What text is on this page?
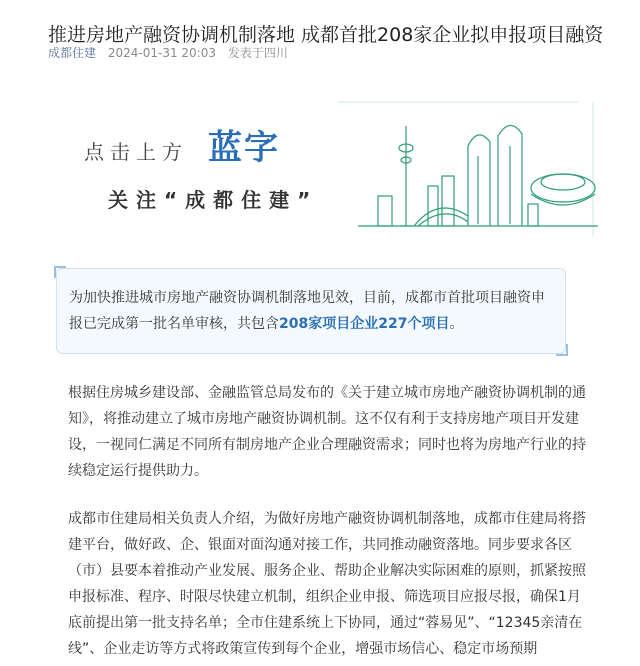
推进房地产融资协调机制落地 成都首批208家企业拟申报项目融资
成都住建 2024-01-31 20:03 发表于四川
点击上方 蓝字
关注“成都住建”
为加快推进城市房地产融资协调机制落地见效，目前，成都市首批项目融资申报已完成第一批名单审核，共包含208家项目企业227个项目。

根据住房城乡建设部、金融监管总局发布的《关于建立城市房地产融资协调机制的通知》，将推动建立了城市房地产融资协调机制。这不仅有利于支持房地产项目开发建设，一视同仁满足不同所有制房地产企业合理融资需求；同时也将为房地产行业的持续稳定运行提供助力。

成都市住建局相关负责人介绍，为做好房地产融资协调机制落地，成都市住建局将搭建平台，做好政、企、银面对面沟通对接工作，共同推动融资落地。同步要求各区（市）县要本着推动产业发展、服务企业、帮助企业解决实际困难的原则，抓紧按照申报标准、程序、时限尽快建立机制，组织企业申报、筛选项目应报尽报，确保1月底前提出第一批支持名单；全市住建系统上下协同，通过“蓉易见”、“12345亲清在线”、企业走访等方式将政策宣传到每个企业，增强市场信心、稳定市场预期
